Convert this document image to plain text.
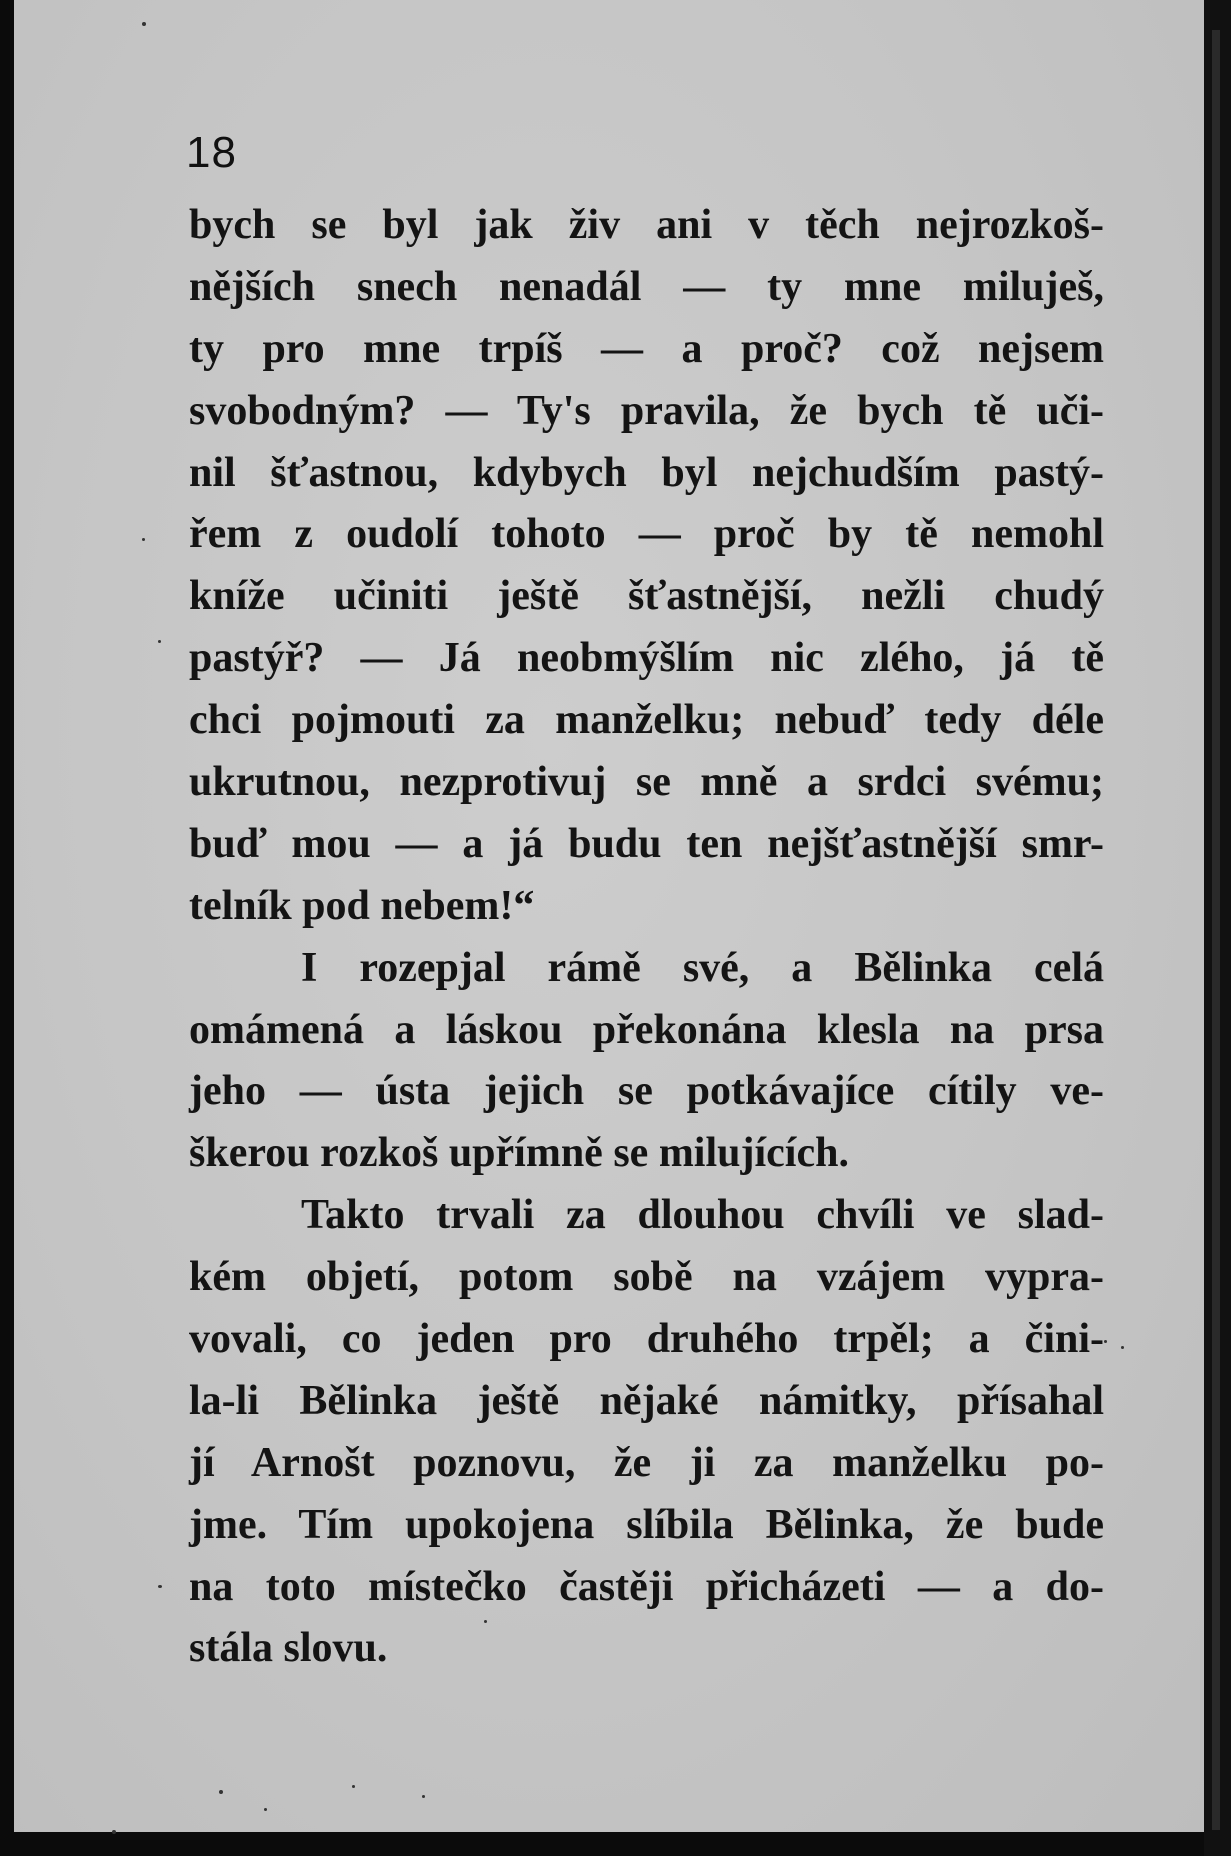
18
bych se byl jak živ ani v těch nejrozkoš-
nějších snech nenadál — ty mne miluješ,
ty pro mne trpíš — a proč? což nejsem
svobodným? — Ty's pravila, že bych tě uči-
nil šťastnou, kdybych byl nejchudším pastý-
řem z oudolí tohoto — proč by tě nemohl
kníže učiniti ještě šťastnější, nežli chudý
pastýř? — Já neobmýšlím nic zlého, já tě
chci pojmouti za manželku; nebuď tedy déle
ukrutnou, nezprotivuj se mně a srdci svému;
buď mou — a já budu ten nejšťastnější smr-
telník pod nebem!“
I rozepjal rámě své, a Bělinka celá
omámená a láskou překonána klesla na prsa
jeho — ústa jejich se potkávajíce cítily ve-
škerou rozkoš upřímně se milujících.
Takto trvali za dlouhou chvíli ve slad-
kém objetí, potom sobě na vzájem vypra-
vovali, co jeden pro druhého trpěl; a čini-
la-li Bělinka ještě nějaké námitky, přísahal
jí Arnošt poznovu, že ji za manželku po-
jme. Tím upokojena slíbila Bělinka, že bude
na toto místečko častěji přicházeti — a do-
stála slovu.
